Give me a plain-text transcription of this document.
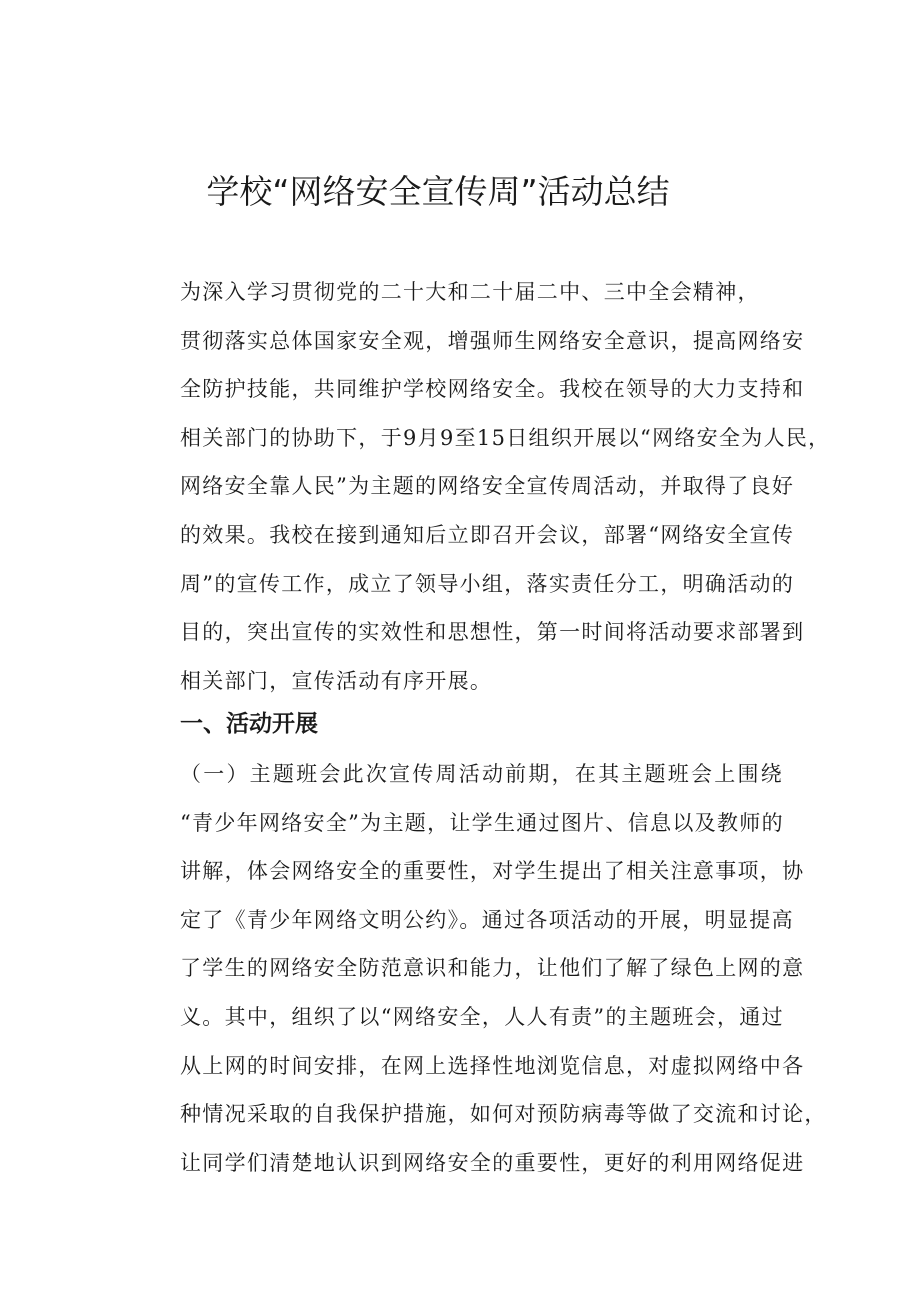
学校“网络安全宣传周”活动总结
为深入学习贯彻党的二十大和二十届二中、三中全会精神，
贯彻落实总体国家安全观，增强师生网络安全意识，提高网络安
全防护技能，共同维护学校网络安全。我校在领导的大力支持和
相关部门的协助下，于9月9至15日组织开展以“网络安全为人民，
网络安全靠人民”为主题的网络安全宣传周活动，并取得了良好
的效果。我校在接到通知后立即召开会议，部署“网络安全宣传
周”的宣传工作，成立了领导小组，落实责任分工，明确活动的
目的，突出宣传的实效性和思想性，第一时间将活动要求部署到
相关部门，宣传活动有序开展。
一、活动开展
（一）主题班会此次宣传周活动前期，在其主题班会上围绕
“青少年网络安全”为主题，让学生通过图片、信息以及教师的
讲解，体会网络安全的重要性，对学生提出了相关注意事项，协
定了《青少年网络文明公约》。通过各项活动的开展，明显提高
了学生的网络安全防范意识和能力，让他们了解了绿色上网的意
义。其中，组织了以“网络安全，人人有责”的主题班会，通过
从上网的时间安排，在网上选择性地浏览信息，对虚拟网络中各
种情况采取的自我保护措施，如何对预防病毒等做了交流和讨论，
让同学们清楚地认识到网络安全的重要性，更好的利用网络促进
